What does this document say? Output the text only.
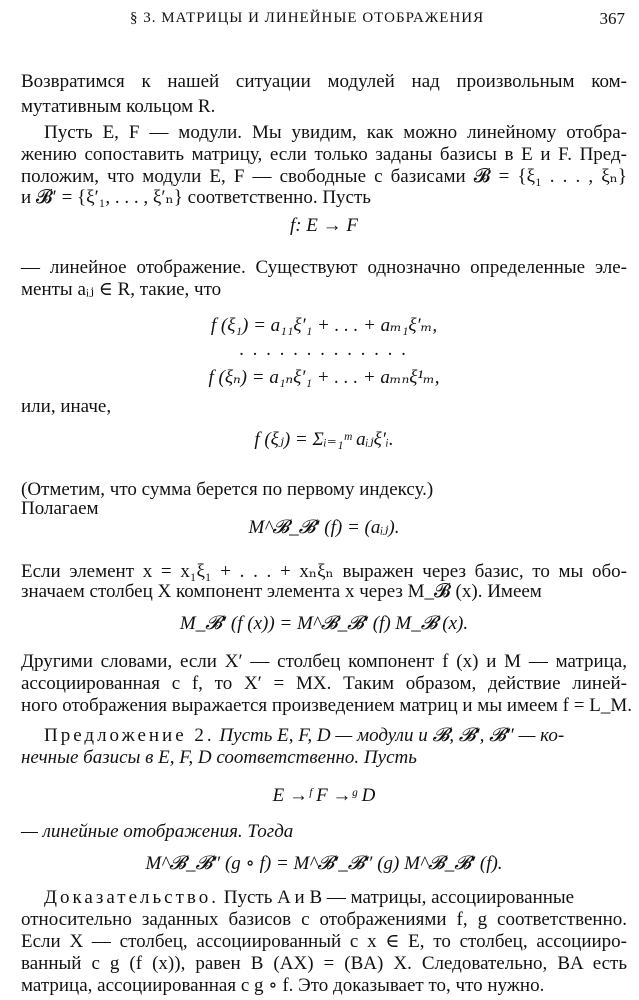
§ 3. МАТРИЦЫ И ЛИНЕЙНЫЕ ОТОБРАЖЕНИЯ	367
Возвратимся к нашей ситуации модулей над произвольным ком-
мутативным кольцом R.
Пусть E, F — модули. Мы увидим, как можно линейному отобра-
жению сопоставить матрицу, если только заданы базисы в E и F. Пред-
положим, что модули E, F — свободные с базисами 𝓑 = {ξ₁ . . . , ξₙ}
и 𝓑′ = {ξ′₁, . . . , ξ′ₙ} соответственно. Пусть
f: E → F
— линейное отображение. Существуют однозначно определенные эле-
менты aᵢⱼ ∈ R, такие, что
f (ξ₁) = a₁₁ξ′₁ + . . . + aₘ₁ξ′ₘ,
. . . . . . . . . . . . .
f (ξₙ) = a₁ₙξ′₁ + . . . + aₘₙξ¹ₘ,
или, иначе,
f (ξⱼ) = Σᵢ₌₁ᵐ aᵢⱼξ′ᵢ.
(Отметим, что сумма берется по первому индексу.)
Полагаем
M^𝓑_𝓑′ (f) = (aᵢⱼ).
Если элемент x = x₁ξ₁ + . . . + xₙξₙ выражен через базис, то мы обо-
значаем столбец X компонент элемента x через M_𝓑 (x). Имеем
M_𝓑′ (f (x)) = M^𝓑_𝓑′ (f) M_𝓑 (x).
Другими словами, если X′ — столбец компонент f (x) и M — матрица,
ассоциированная с f, то X′ = MX. Таким образом, действие линей-
ного отображения выражается произведением матриц и мы имеем f = L_M.
Предложение 2. Пусть E, F, D — модули и 𝓑, 𝓑′, 𝓑″ — ко-
нечные базисы в E, F, D соответственно. Пусть
E →ᶠ F →ᵍ D
— линейные отображения. Тогда
M^𝓑_𝓑″ (g ∘ f) = M^𝓑′_𝓑″ (g) M^𝓑_𝓑′ (f).
Доказательство. Пусть A и B — матрицы, ассоциированные
относительно заданных базисов с отображениями f, g соответственно.
Если X — столбец, ассоциированный с x ∈ E, то столбец, ассоцииро-
ванный с g (f (x)), равен B (AX) = (BA) X. Следовательно, BA есть
матрица, ассоциированная с g ∘ f. Это доказывает то, что нужно.
